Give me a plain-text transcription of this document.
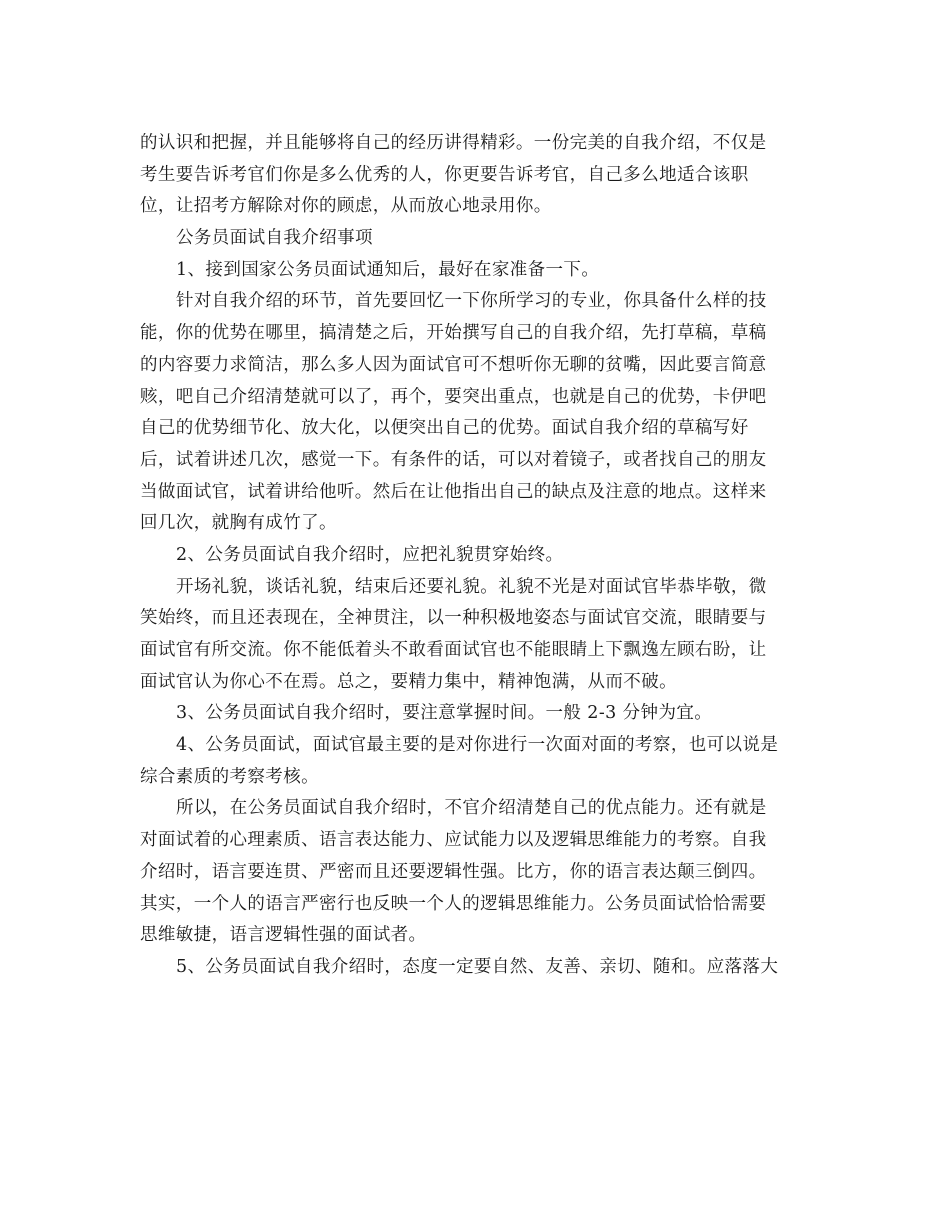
的认识和把握，并且能够将自己的经历讲得精彩。一份完美的自我介绍，不仅是
考生要告诉考官们你是多么优秀的人，你更要告诉考官，自己多么地适合该职
位，让招考方解除对你的顾虑，从而放心地录用你。
公务员面试自我介绍事项
1、接到国家公务员面试通知后，最好在家准备一下。
针对自我介绍的环节，首先要回忆一下你所学习的专业，你具备什么样的技
能，你的优势在哪里，搞清楚之后，开始撰写自己的自我介绍，先打草稿，草稿
的内容要力求简洁，那么多人因为面试官可不想听你无聊的贫嘴，因此要言简意
赅，吧自己介绍清楚就可以了，再个，要突出重点，也就是自己的优势，卡伊吧
自己的优势细节化、放大化，以便突出自己的优势。面试自我介绍的草稿写好
后，试着讲述几次，感觉一下。有条件的话，可以对着镜子，或者找自己的朋友
当做面试官，试着讲给他听。然后在让他指出自己的缺点及注意的地点。这样来
回几次，就胸有成竹了。
2、公务员面试自我介绍时，应把礼貌贯穿始终。
开场礼貌，谈话礼貌，结束后还要礼貌。礼貌不光是对面试官毕恭毕敬，微
笑始终，而且还表现在，全神贯注，以一种积极地姿态与面试官交流，眼睛要与
面试官有所交流。你不能低着头不敢看面试官也不能眼睛上下飘逸左顾右盼，让
面试官认为你心不在焉。总之，要精力集中，精神饱满，从而不破。
3、公务员面试自我介绍时，要注意掌握时间。一般 2-3 分钟为宜。
4、公务员面试，面试官最主要的是对你进行一次面对面的考察，也可以说是
综合素质的考察考核。
所以，在公务员面试自我介绍时，不官介绍清楚自己的优点能力。还有就是
对面试着的心理素质、语言表达能力、应试能力以及逻辑思维能力的考察。自我
介绍时，语言要连贯、严密而且还要逻辑性强。比方，你的语言表达颠三倒四。
其实，一个人的语言严密行也反映一个人的逻辑思维能力。公务员面试恰恰需要
思维敏捷，语言逻辑性强的面试者。
5、公务员面试自我介绍时，态度一定要自然、友善、亲切、随和。应落落大
